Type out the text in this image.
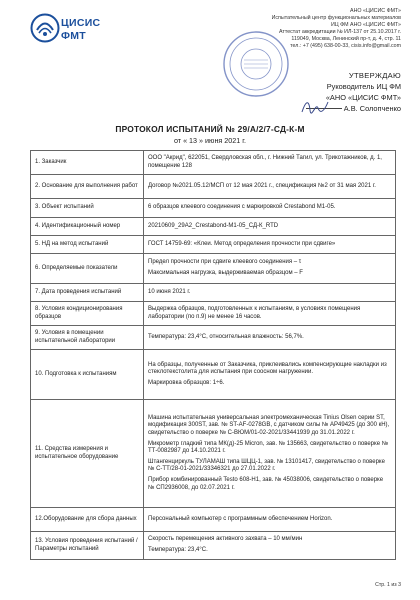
ЦИСИС
ФМТ
АНО «ЦИСИС ФМТ»
Испытательный центр функциональных материалов
ИЦ ФМ АНО «ЦИСИС ФМТ»
Аттестат аккредитации № ИЛ-137 от 25.10.2017 г.
119049, Москва, Ленинский пр-т, д. 4, стр. 11
тел.: +7 (495) 638-00-33, cisis.info@gmail.com
УТВЕРЖДАЮ
Руководитель ИЦ ФМ
«АНО «ЦИСИС ФМТ»
А.В. Солопченко
ПРОТОКОЛ ИСПЫТАНИЙ № 29/А/2/7-СД-К-М
от « 13 » июня 2021 г.
1. Заказчик	ООО "Акрид", 622051, Свердловская обл., г. Нижний Тагил, ул. Трикотажников, д. 1, помещение 128

2. Основание для выполнения работ	Договор №2021.05.12/МСП от 12 мая 2021 г., спецификация №2 от 31 мая 2021 г.

3. Объект испытаний	6 образцов клеевого соединения с маркировкой Crestabond M1-05.

4. Идентификационный номер	20210609_29А2_Crestabond-M1-05_СД-К_RTD

5. НД на метод испытаний	ГОСТ 14759-69: «Клеи. Метод определения прочности при сдвиге»

6. Определяемые показатели	Предел прочности при сдвиге клеевого соединения – τ

Максимальная нагрузка, выдерживаемая образцом – F

7. Дата проведения испытаний	10 июня 2021 г.

8. Условия кондиционирования образцов	Выдержка образцов, подготовленных к испытаниям, в условиях помещения лаборатории (по п.9) не менее 16 часов.

9. Условия в помещении испытательной лаборатории	Температура: 23,4°С, относительная влажность: 56,7%.

10. Подготовка к испытаниям	На образцы, полученные от Заказчика, приклеивались компенсирующие накладки из стеклотекстолита для испытания при соосном нагружении.

Маркировка образцов: 1÷6.

11. Средства измерения и испытательное оборудование	Машина испытательная универсальная электромеханическая Tinius Olsen серии ST, модификация 300ST, зав. № ST-AF-0278GB, с датчиком силы № AP49425 (до 300 кН), свидетельство о поверке № С-ВЮМ/01-02-2021/33441939 до 31.01.2022 г.

Микрометр гладкий типа МК(д)-25 Micron, зав. № 135663, свидетельство о поверке № ТТ-0082987 до 14.10.2021 г.

Штангенциркуль ТУЛАМАШ типа ШЦЦ-1, зав. № 13101417, свидетельство о поверке № С-ТТ/28-01-2021/33346321 до 27.01.2022 г.

Прибор комбинированный Testo 608-H1, зав. № 45038006, свидетельство о поверке № СП2936008, до 02.07.2021 г.

12.Оборудование для сбора данных	Персональный компьютер с программным обеспечением Horizon.

13. Условия проведения испытаний / Параметры испытаний	Скорость перемещения активного захвата – 10 мм/мин

Температура: 23,4°С.

Стр. 1 из 3
